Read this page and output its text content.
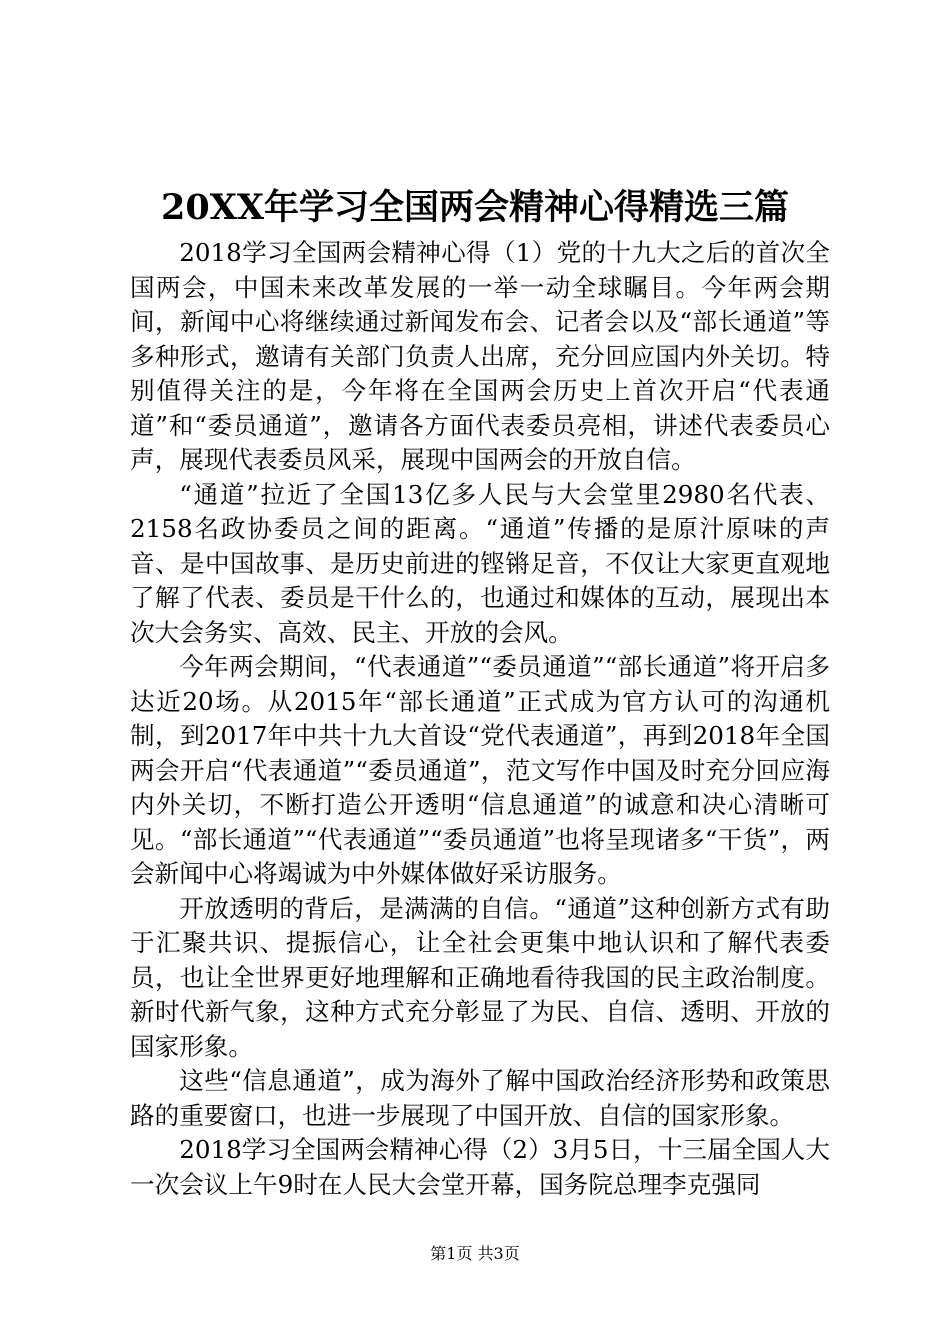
20XX年学习全国两会精神心得精选三篇

2018学习全国两会精神心得（1）党的十九大之后的首次全国两会，中国未来改革发展的一举一动全球瞩目。今年两会期间，新闻中心将继续通过新闻发布会、记者会以及“部长通道”等多种形式，邀请有关部门负责人出席，充分回应国内外关切。特别值得关注的是，今年将在全国两会历史上首次开启“代表通道”和“委员通道”，邀请各方面代表委员亮相，讲述代表委员心声，展现代表委员风采，展现中国两会的开放自信。

“通道”拉近了全国13亿多人民与大会堂里2980名代表、2158名政协委员之间的距离。“通道”传播的是原汁原味的声音、是中国故事、是历史前进的铿锵足音，不仅让大家更直观地了解了代表、委员是干什么的，也通过和媒体的互动，展现出本次大会务实、高效、民主、开放的会风。

今年两会期间，“代表通道”“委员通道”“部长通道”将开启多达近20场。从2015年“部长通道”正式成为官方认可的沟通机制，到2017年中共十九大首设“党代表通道”，再到2018年全国两会开启“代表通道”“委员通道”，范文写作中国及时充分回应海内外关切，不断打造公开透明“信息通道”的诚意和决心清晰可见。“部长通道”“代表通道”“委员通道”也将呈现诸多“干货”，两会新闻中心将竭诚为中外媒体做好采访服务。

开放透明的背后，是满满的自信。“通道”这种创新方式有助于汇聚共识、提振信心，让全社会更集中地认识和了解代表委员，也让全世界更好地理解和正确地看待我国的民主政治制度。新时代新气象，这种方式充分彰显了为民、自信、透明、开放的国家形象。

这些“信息通道”，成为海外了解中国政治经济形势和政策思路的重要窗口，也进一步展现了中国开放、自信的国家形象。

2018学习全国两会精神心得（2）3月5日，十三届全国人大一次会议上午9时在人民大会堂开幕，国务院总理李克强同

第1页 共3页
